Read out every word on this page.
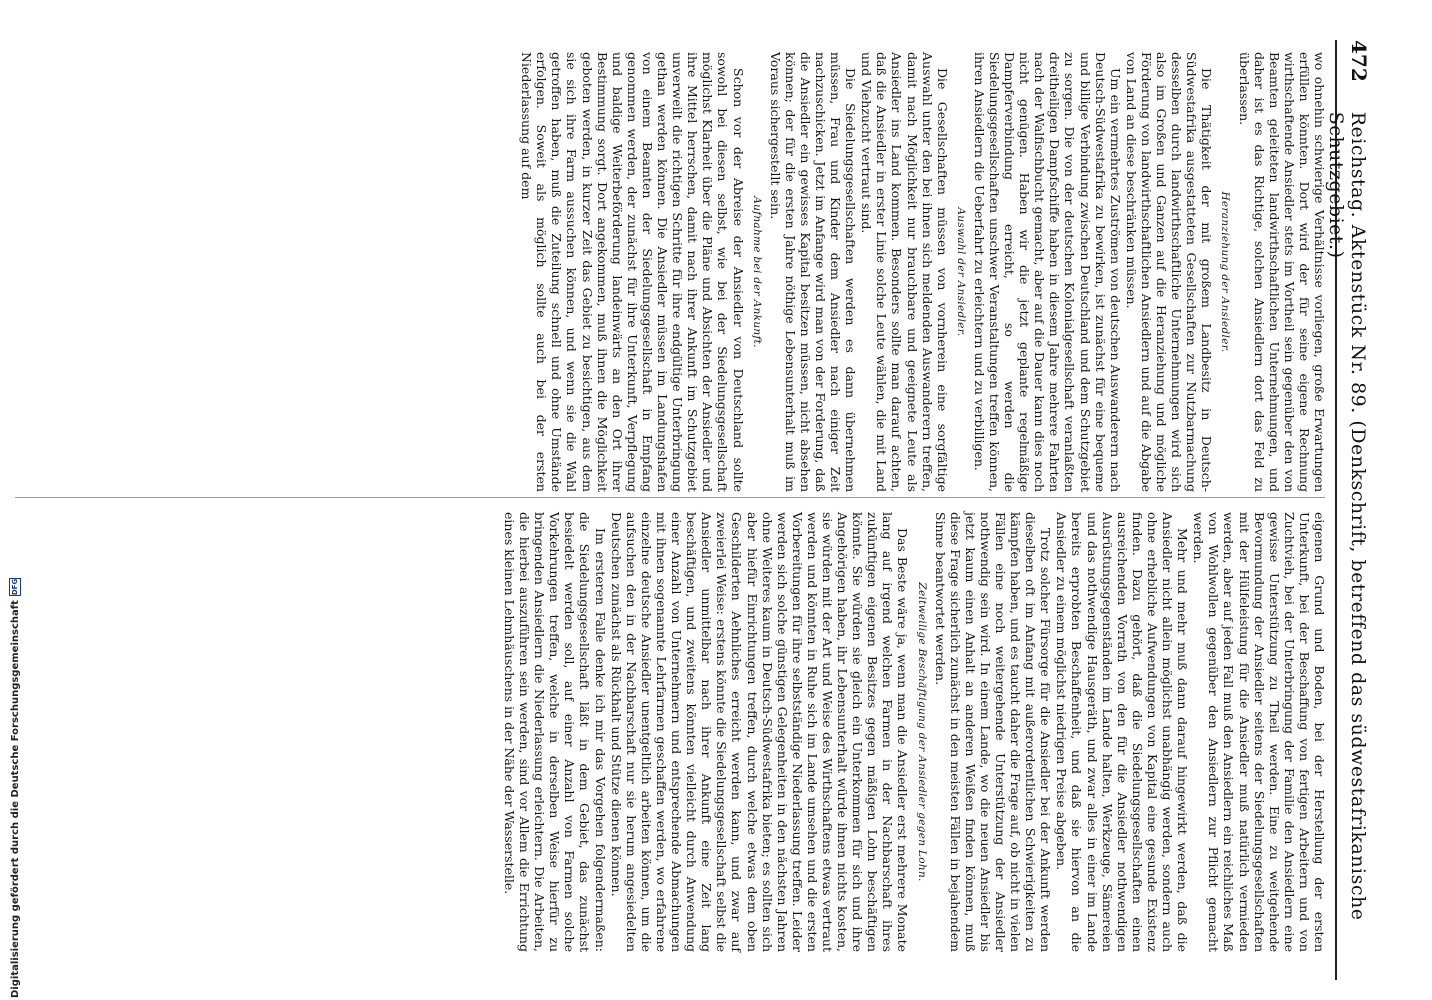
472
Reichstag. Aktenstück Nr. 89. (Denkschrift, betreffend das südwestafrikanische Schutzgebiet.)

wo ohnehin schwierige Verhältnisse vorliegen, große Erwartungen erfüllen könnten. Dort wird der für seine eigene Rechnung wirthschaftende Ansiedler stets im Vortheil sein gegenüber den von Beamten geleiteten landwirthschaftlichen Unternehmungen, und daher ist es das Richtige, solchen Ansiedlern dort das Feld zu überlassen.

Heranziehung der Ansiedler.

Die Thätigkeit der mit großem Landbesitz in Deutsch-Südwestafrika ausgestatteten Gesellschaften zur Nutzbarmachung desselben durch landwirthschaftliche Unternehmungen wird sich also im Großen und Ganzen auf die Heranziehung und mögliche Förderung von landwirthschaftlichen Ansiedlern und auf die Abgabe von Land an diese beschränken müssen.

Um ein vermehrtes Zuströmen von deutschen Auswanderern nach Deutsch-Südwestafrika zu bewirken, ist zunächst für eine bequeme und billige Verbindung zwischen Deutschland und dem Schutzgebiet zu sorgen. Die von der deutschen Kolonialgesellschaft veranlaßten dreitheiligen Dampfschiffe haben in diesem Jahre mehrere Fahrten nach der Walfischbucht gemacht, aber auf die Dauer kann dies noch nicht genügen. Haben wir die jetzt geplante regelmäßige Dampferverbindung erreicht, so werden die Siedelungsgesellschaften unschwer Veranstaltungen treffen können, ihren Ansiedlern die Ueberfahrt zu erleichtern und zu verbilligen.

Auswahl der Ansiedler.

Die Gesellschaften müssen von vornherein eine sorgfältige Auswahl unter den bei ihnen sich meldenden Auswanderern treffen, damit nach Möglichkeit nur brauchbare und geeignete Leute als Ansiedler ins Land kommen. Besonders sollte man darauf achten, daß die Ansiedler in erster Linie solche Leute wählen, die mit Land und Viehzucht vertraut sind.

Die Siedelungsgesellschaften werden es dann übernehmen müssen, Frau und Kinder dem Ansiedler nach einiger Zeit nachzuschicken. Jetzt im Anfange wird man von der Forderung, daß die Ansiedler ein gewisses Kapital besitzen müssen, nicht absehen können; der für die ersten Jahre nöthige Lebensunterhalt muß im Voraus sichergestellt sein.

Aufnahme bei der Ankunft.

Schon vor der Abreise der Ansiedler von Deutschland sollte sowohl bei diesen selbst, wie bei der Siedelungsgesellschaft möglichst Klarheit über die Pläne und Absichten der Ansiedler und ihre Mittel herrschen, damit nach ihrer Ankunft im Schutzgebiet unverweilt die richtigen Schritte für ihre endgültige Unterbringung gethan werden können. Die Ansiedler müssen im Landungshafen von einem Beamten der Siedelungsgesellschaft in Empfang genommen werden, der zunächst für ihre Unterkunft, Verpflegung und baldige Weiterbeförderung landeinwärts an den Ort ihrer Bestimmung sorgt. Dort angekommen, muß ihnen die Möglichkeit geboten werden, in kurzer Zeit das Gebiet zu besichtigen, aus dem sie sich ihre Farm aussuchen können, und wenn sie die Wahl getroffen haben, muß die Zuteilung schnell und ohne Umstände erfolgen. Soweit als möglich sollte auch bei der ersten Niederlassung auf dem

eigenen Grund und Boden, bei der Herstellung der ersten Unterkunft, bei der Beschaffung von fertigen Arbeitern und von Zuchtvieh, bei der Unterbringung der Familie den Ansiedlern eine gewisse Unterstützung zu Theil werden. Eine zu weitgehende Bevormundung der Ansiedler seitens der Siedelungsgesellschaften mit der Hülfeleistung für die Ansiedler muß natürlich vermieden werden, aber auf jeden Fall muß den Ansiedlern ein reichliches Maß von Wohlwollen gegenüber den Ansiedlern zur Pflicht gemacht werden.

Mehr und mehr muß dann darauf hingewirkt werden, daß die Ansiedler nicht allein möglichst unabhängig werden, sondern auch ohne erhebliche Aufwendungen von Kapital eine gesunde Existenz finden. Dazu gehört, daß die Siedelungsgesellschaften einen ausreichenden Vorrath von den für die Ansiedler nothwendigen Ausrüstungsgegenständen im Lande halten, Werkzeuge, Sämereien und das nothwendige Hausgeräth, und zwar alles in einer im Lande bereits erprobten Beschaffenheit, und daß sie hiervon an die Ansiedler zu einem möglichst niedrigen Preise abgeben.

Trotz solcher Fürsorge für die Ansiedler bei der Ankunft werden dieselben oft im Anfang mit außerordentlichen Schwierigkeiten zu kämpfen haben, und es taucht daher die Frage auf, ob nicht in vielen Fällen eine noch weitergehende Unterstützung der Ansiedler nothwendig sein wird. In einem Lande, wo die neuen Ansiedler bis jetzt kaum einen Anhalt an anderen Weißen finden können, muß diese Frage sicherlich zunächst in den meisten Fällen in bejahendem Sinne beantwortet werden.

Zeitweilige Beschäftigung der Ansiedler gegen Lohn.

Das Beste wäre ja, wenn man die Ansiedler erst mehrere Monate lang auf irgend welchen Farmen in der Nachbarschaft ihres zukünftigen eigenen Besitzes gegen mäßigen Lohn beschäftigen könnte. Sie würden sie gleich ein Unterkommen für sich und ihre Angehörigen haben, ihr Lebensunterhalt würde ihnen nichts kosten, sie würden mit der Art und Weise des Wirthschaftens etwas vertraut werden und könnten in Ruhe sich im Lande umsehen und die ersten Vorbereitungen für ihre selbstständige Niederlassung treffen. Leider werden sich solche günstigen Gelegenheiten in den nächsten Jahren ohne Weiteres kaum in Deutsch-Südwestafrika bieten; es sollten sich aber hiefür Einrichtungen treffen, durch welche etwas dem oben Geschilderten Aehnliches erreicht werden kann, und zwar auf zweierlei Weise: erstens könnte die Siedelungsgesellschaft selbst die Ansiedler unmittelbar nach ihrer Ankunft eine Zeit lang beschäftigen, und zweitens könnten vielleicht durch Anwendung einer Anzahl von Unternehmern und entsprechende Abmachungen mit ihnen sogenannte Lehrfarmen geschaffen werden, wo erfahrene einzelne deutsche Ansiedler unentgeltlich arbeiten können, um die aufsuchen den in der Nachbarschaft nur sie herum angesiedelten Deutschen zunächst als Rückhalt und Stütze dienen können.

Im ersteren Falle denke ich mir das Vorgehen folgendermaßen: die Siedelungsgesellschaft läßt in dem Gebiet, das zunächst besiedelt werden soll, auf einer Anzahl von Farmen solche Vorkehrungen treffen, welche in derselben Weise hierfür zu bringenden Ansiedlern die Niederlassung erleichtern. Die Arbeiten, die hierbei auszuführen sein werden, sind vor Allem die Errichtung eines kleinen Lehmhäuschens in der Nähe der Wasserstelle.

Digitalisierung gefördert durch die Deutsche Forschungsgemeinschaft
DFG
